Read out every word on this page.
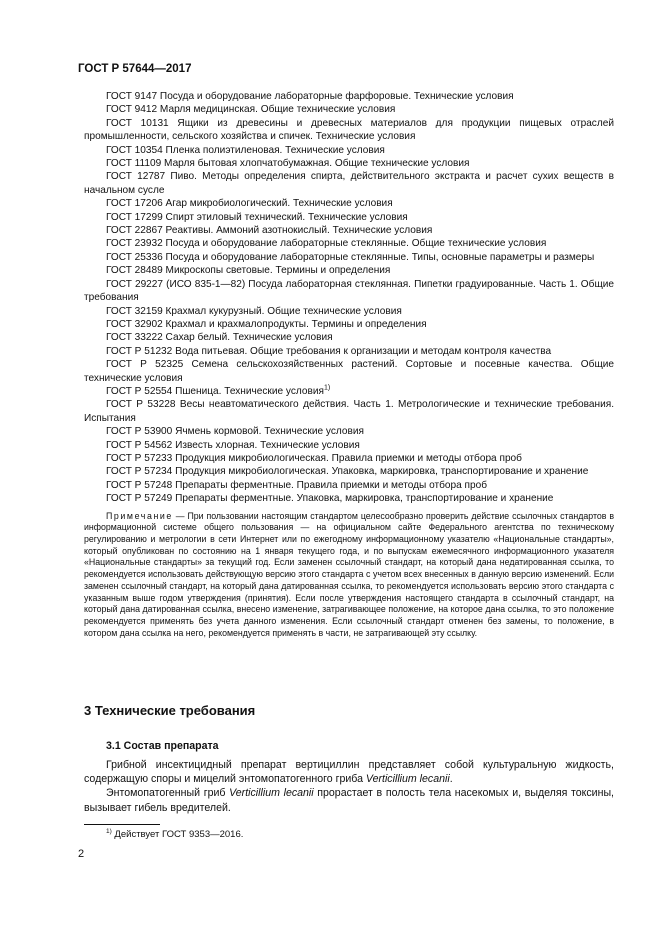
ГОСТ Р 57644—2017
ГОСТ 9147 Посуда и оборудование лабораторные фарфоровые. Технические условия
ГОСТ 9412 Марля медицинская. Общие технические условия
ГОСТ 10131 Ящики из древесины и древесных материалов для продукции пищевых отраслей промышленности, сельского хозяйства и спичек. Технические условия
ГОСТ 10354 Пленка полиэтиленовая. Технические условия
ГОСТ 11109 Марля бытовая хлопчатобумажная. Общие технические условия
ГОСТ 12787 Пиво. Методы определения спирта, действительного экстракта и расчет сухих веществ в начальном сусле
ГОСТ 17206 Агар микробиологический. Технические условия
ГОСТ 17299 Спирт этиловый технический. Технические условия
ГОСТ 22867 Реактивы. Аммоний азотнокислый. Технические условия
ГОСТ 23932 Посуда и оборудование лабораторные стеклянные. Общие технические условия
ГОСТ 25336 Посуда и оборудование лабораторные стеклянные. Типы, основные параметры и размеры
ГОСТ 28489 Микроскопы световые. Термины и определения
ГОСТ 29227 (ИСО 835-1—82) Посуда лабораторная стеклянная. Пипетки градуированные. Часть 1. Общие требования
ГОСТ 32159 Крахмал кукурузный. Общие технические условия
ГОСТ 32902 Крахмал и крахмалопродукты. Термины и определения
ГОСТ 33222 Сахар белый. Технические условия
ГОСТ Р 51232 Вода питьевая. Общие требования к организации и методам контроля качества
ГОСТ Р 52325 Семена сельскохозяйственных растений. Сортовые и посевные качества. Общие технические условия
ГОСТ Р 52554 Пшеница. Технические условия$^{1)}$
ГОСТ Р 53228 Весы неавтоматического действия. Часть 1. Метрологические и технические требования. Испытания
ГОСТ Р 53900 Ячмень кормовой. Технические условия
ГОСТ Р 54562 Известь хлорная. Технические условия
ГОСТ Р 57233 Продукция микробиологическая. Правила приемки и методы отбора проб
ГОСТ Р 57234 Продукция микробиологическая. Упаковка, маркировка, транспортирование и хранение
ГОСТ Р 57248 Препараты ферментные. Правила приемки и методы отбора проб
ГОСТ Р 57249 Препараты ферментные. Упаковка, маркировка, транспортирование и хранение
Примечание — При пользовании настоящим стандартом целесообразно проверить действие ссылочных стандартов в информационной системе общего пользования — на официальном сайте Федерального агентства по техническому регулированию и метрологии в сети Интернет или по ежегодному информационному указателю «Национальные стандарты», который опубликован по состоянию на 1 января текущего года, и по выпускам ежемесячного информационного указателя «Национальные стандарты» за текущий год. Если заменен ссылочный стандарт, на который дана недатированная ссылка, то рекомендуется использовать действующую версию этого стандарта с учетом всех внесенных в данную версию изменений. Если заменен ссылочный стандарт, на который дана датированная ссылка, то рекомендуется использовать версию этого стандарта с указанным выше годом утверждения (принятия). Если после утверждения настоящего стандарта в ссылочный стандарт, на который дана датированная ссылка, внесено изменение, затрагивающее положение, на которое дана ссылка, то это положение рекомендуется применять без учета данного изменения. Если ссылочный стандарт отменен без замены, то положение, в котором дана ссылка на него, рекомендуется применять в части, не затрагивающей эту ссылку.
3 Технические требования
3.1 Состав препарата

Грибной инсектицидный препарат вертициллин представляет собой культуральную жидкость, содержащую споры и мицелий энтомопатогенного гриба Verticillium lecanii.

Энтомопатогенный гриб Verticillium lecanii прорастает в полость тела насекомых и, выделяя токсины, вызывает гибель вредителей.

$^{1)}$ Действует ГОСТ 9353—2016.
2
